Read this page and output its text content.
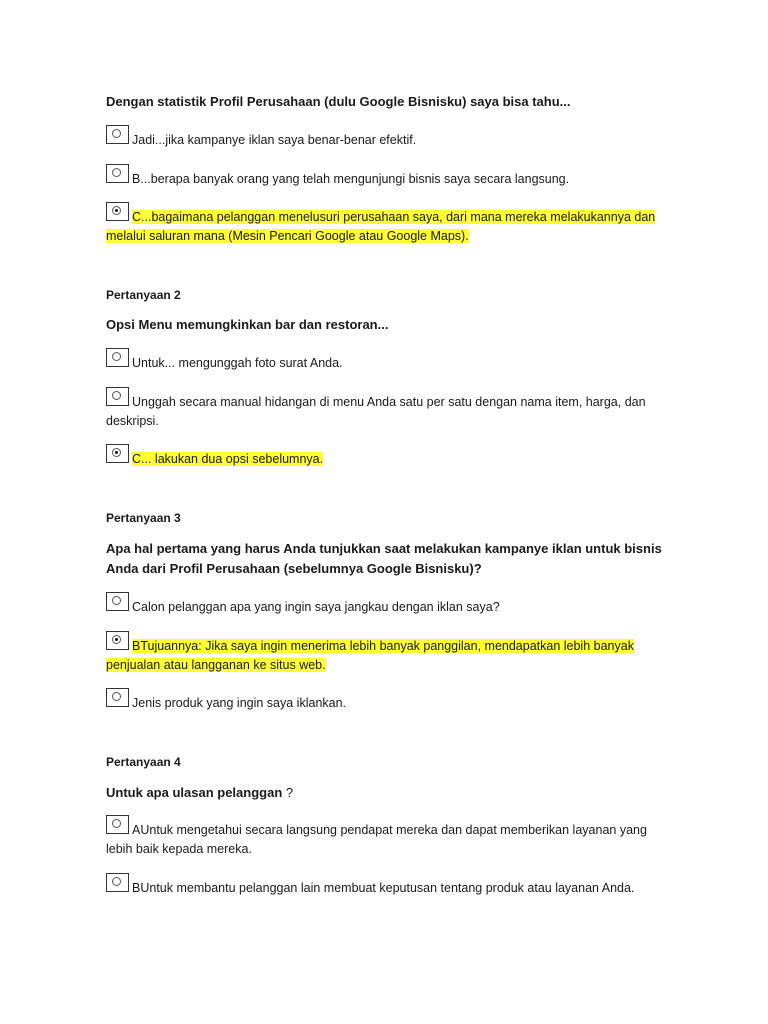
Dengan statistik Profil Perusahaan (dulu Google Bisnisku) saya bisa tahu...
Jadi...jika kampanye iklan saya benar-benar efektif.
B...berapa banyak orang yang telah mengunjungi bisnis saya secara langsung.
C...bagaimana pelanggan menelusuri perusahaan saya, dari mana mereka melakukannya dan melalui saluran mana (Mesin Pencari Google atau Google Maps).
Pertanyaan 2
Opsi Menu memungkinkan bar dan restoran...
Untuk... mengunggah foto surat Anda.
Unggah secara manual hidangan di menu Anda satu per satu dengan nama item, harga, dan deskripsi.
C... lakukan dua opsi sebelumnya.
Pertanyaan 3
Apa hal pertama yang harus Anda tunjukkan saat melakukan kampanye iklan untuk bisnis Anda dari Profil Perusahaan (sebelumnya Google Bisnisku)?
Calon pelanggan apa yang ingin saya jangkau dengan iklan saya?
BTujuannya: Jika saya ingin menerima lebih banyak panggilan, mendapatkan lebih banyak penjualan atau langganan ke situs web.
Jenis produk yang ingin saya iklankan.
Pertanyaan 4
Untuk apa ulasan pelanggan ?
AUntuk mengetahui secara langsung pendapat mereka dan dapat memberikan layanan yang lebih baik kepada mereka.
BUntuk membantu pelanggan lain membuat keputusan tentang produk atau layanan Anda.
